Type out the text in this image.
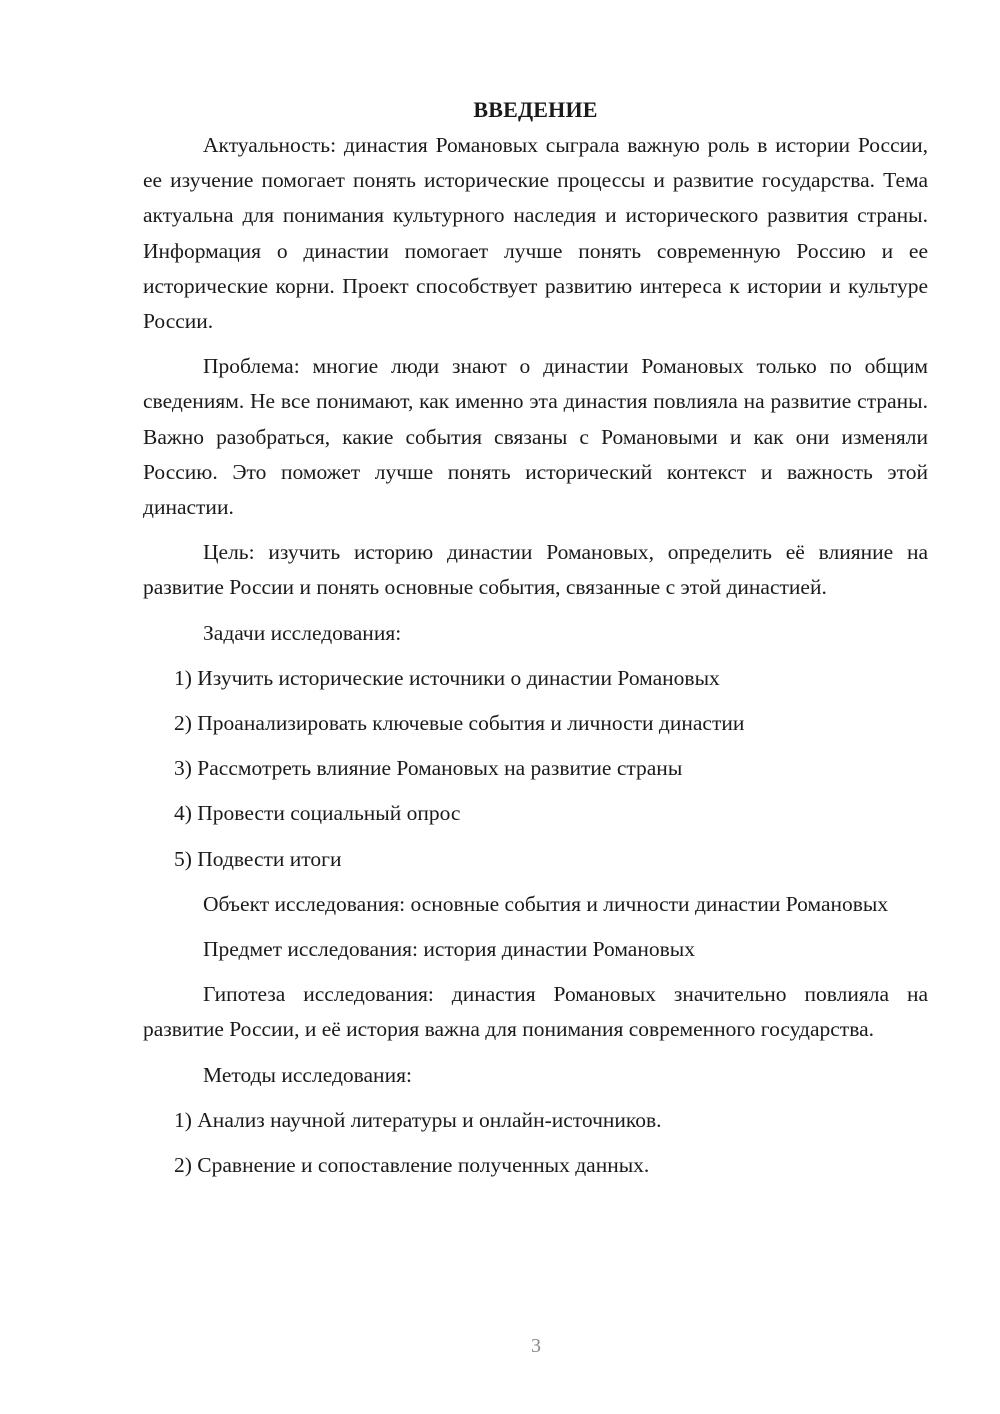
ВВЕДЕНИЕ

Актуальность: династия Романовых сыграла важную роль в истории России, ее изучение помогает понять исторические процессы и развитие государства. Тема актуальна для понимания культурного наследия и исторического развития страны. Информация о династии помогает лучше понять современную Россию и ее исторические корни. Проект способствует развитию интереса к истории и культуре России.

Проблема: многие люди знают о династии Романовых только по общим сведениям. Не все понимают, как именно эта династия повлияла на развитие страны. Важно разобраться, какие события связаны с Романовыми и как они изменяли Россию. Это поможет лучше понять исторический контекст и важность этой династии.

Цель: изучить историю династии Романовых, определить её влияние на развитие России и понять основные события, связанные с этой династией.

Задачи исследования:

1) Изучить исторические источники о династии Романовых

2) Проанализировать ключевые события и личности династии

3) Рассмотреть влияние Романовых на развитие страны

4) Провести социальный опрос

5) Подвести итоги

Объект исследования: основные события и личности династии Романовых

Предмет исследования: история династии Романовых

Гипотеза исследования: династия Романовых значительно повлияла на развитие России, и её история важна для понимания современного государства.

Методы исследования:

1) Анализ научной литературы и онлайн-источников.

2) Сравнение и сопоставление полученных данных.

3
